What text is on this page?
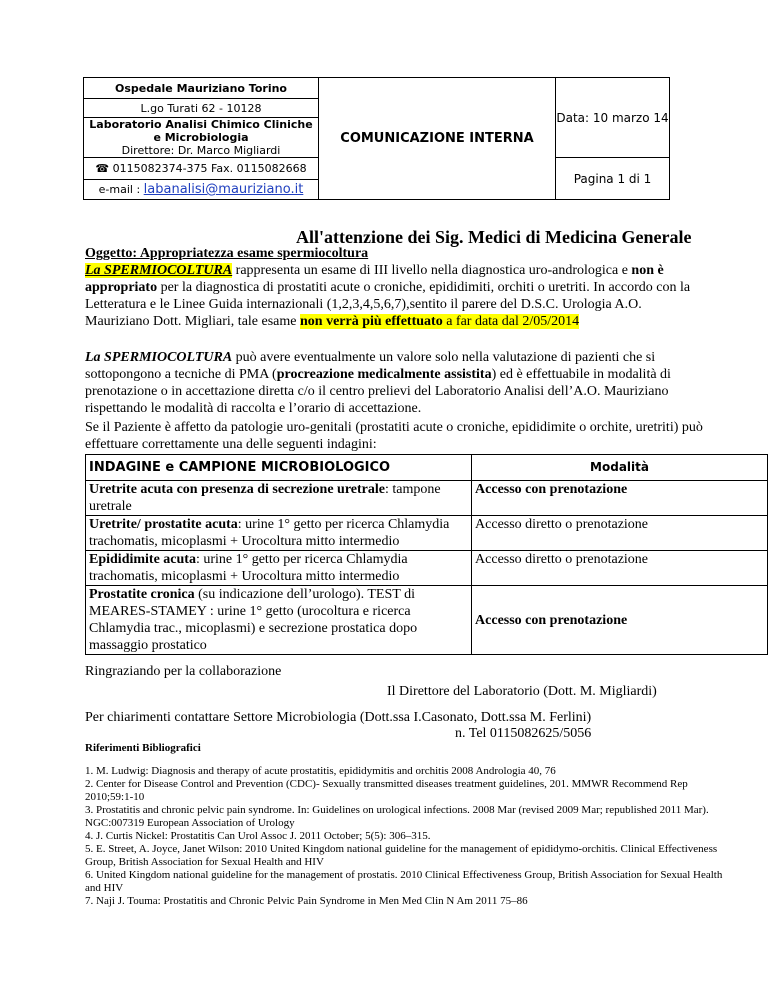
Ospedale Mauriziano Torino	COMUNICAZIONE INTERNA	Data: 10 marzo 14
L.go Turati 62 - 10128		

Laboratorio Analisi Chimico Cliniche e Microbiologia
Direttore: Dr. Marco Migliardi		

☎ 0115082374-375 Fax. 0115082668		Pagina 1 di 1
e-mail : labanalisi@mauriziano.it		
All'attenzione dei Sig. Medici di Medicina Generale
Oggetto: Appropriatezza esame spermiocoltura
La SPERMIOCOLTURA rappresenta un esame di III livello nella diagnostica uro-andrologica e non è appropriato per la diagnostica di prostatiti acute o croniche, epididimiti, orchiti o uretriti. In accordo con la Letteratura e le Linee Guida internazionali (1,2,3,4,5,6,7),sentito il parere del D.S.C. Urologia A.O. Mauriziano Dott. Migliari, tale esame non verrà più effettuato a far data dal 2/05/2014
La SPERMIOCOLTURA può avere eventualmente un valore solo nella valutazione di pazienti che si sottopongono a tecniche di PMA (procreazione medicalmente assistita) ed è effettuabile in modalità di prenotazione o in accettazione diretta c/o il centro prelievi del Laboratorio Analisi dell’A.O. Mauriziano rispettando le modalità di raccolta e l’orario di accettazione.
Se il Paziente è affetto da patologie uro-genitali (prostatiti acute o croniche, epididimite o orchite, uretriti) può effettuare correttamente una delle seguenti indagini:
INDAGINE e CAMPIONE MICROBIOLOGICO	Modalità
Uretrite acuta con presenza di secrezione uretrale: tampone uretrale	Accesso con prenotazione
Uretrite/ prostatite acuta: urine 1° getto per ricerca Chlamydia trachomatis, micoplasmi + Urocoltura mitto intermedio	Accesso diretto o prenotazione
Epididimite acuta: urine 1° getto per ricerca Chlamydia trachomatis, micoplasmi + Urocoltura mitto intermedio	Accesso diretto o prenotazione
Prostatite cronica (su indicazione dell’urologo). TEST di MEARES-STAMEY : urine 1° getto (urocoltura e ricerca Chlamydia trac., micoplasmi) e secrezione prostatica dopo massaggio prostatico	Accesso con prenotazione
Ringraziando per la collaborazione
Il Direttore del Laboratorio (Dott. M. Migliardi)
Per chiarimenti contattare Settore Microbiologia (Dott.ssa I.Casonato, Dott.ssa M. Ferlini)
n. Tel 0115082625/5056
Riferimenti Bibliografici

1. M. Ludwig: Diagnosis and therapy of acute prostatitis, epididymitis and orchitis 2008 Andrologia 40, 76

2. Center for Disease Control and Prevention (CDC)- Sexually transmitted diseases treatment guidelines, 201. MMWR Recommend Rep 2010;59:1-10

3. Prostatitis and chronic pelvic pain syndrome. In: Guidelines on urological infections. 2008 Mar (revised 2009 Mar; republished 2011 Mar). NGC:007319 European Association of Urology

4. J. Curtis Nickel: Prostatitis Can Urol Assoc J. 2011 October; 5(5): 306–315.

5. E. Street, A. Joyce, Janet Wilson: 2010 United Kingdom national guideline for the management of epididymo-orchitis. Clinical Effectiveness Group, British Association for Sexual Health and HIV

6. United Kingdom national guideline for the management of prostatis. 2010 Clinical Effectiveness Group, British Association for Sexual Health and HIV

7. Naji J. Touma: Prostatitis and Chronic Pelvic Pain Syndrome in Men Med Clin N Am 2011 75–86
